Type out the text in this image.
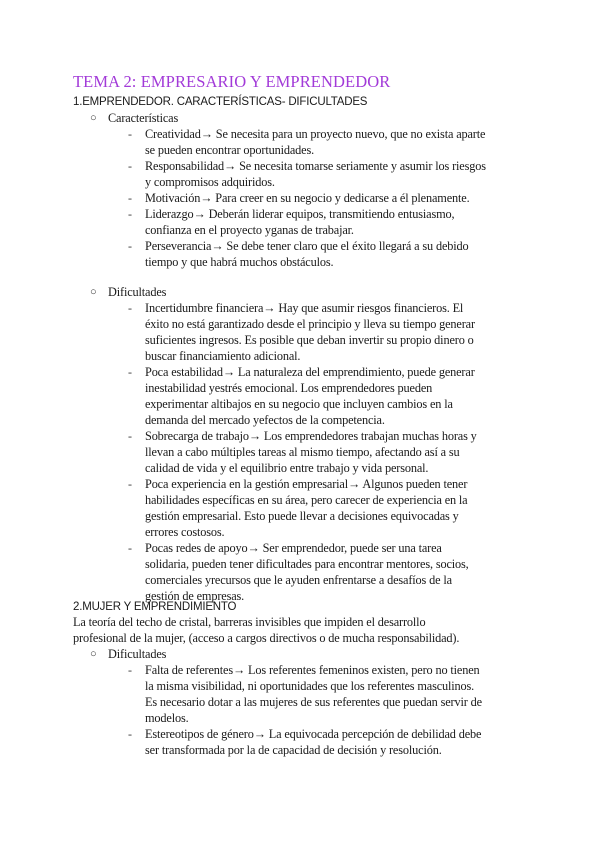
TEMA 2: EMPRESARIO Y EMPRENDEDOR
1.EMPRENDEDOR. CARACTERÍSTICAS- DIFICULTADES
○ Características
- Creatividad→ Se necesita para un proyecto nuevo, que no exista aparte
se pueden encontrar oportunidades.
- Responsabilidad→ Se necesita tomarse seriamente y asumir los riesgos
y compromisos adquiridos.
- Motivación→ Para creer en su negocio y dedicarse a él plenamente.
- Liderazgo→ Deberán liderar equipos, transmitiendo entusiasmo,
confianza en el proyecto yganas de trabajar.
- Perseverancia→ Se debe tener claro que el éxito llegará a su debido
tiempo y que habrá muchos obstáculos.
○ Dificultades
- Incertidumbre financiera→ Hay que asumir riesgos financieros. El
éxito no está garantizado desde el principio y lleva su tiempo generar
suficientes ingresos. Es posible que deban invertir su propio dinero o
buscar financiamiento adicional.
- Poca estabilidad→ La naturaleza del emprendimiento, puede generar
inestabilidad yestrés emocional. Los emprendedores pueden
experimentar altibajos en su negocio que incluyen cambios en la
demanda del mercado yefectos de la competencia.
- Sobrecarga de trabajo→ Los emprendedores trabajan muchas horas y
llevan a cabo múltiples tareas al mismo tiempo, afectando así a su
calidad de vida y el equilibrio entre trabajo y vida personal.
- Poca experiencia en la gestión empresarial→ Algunos pueden tener
habilidades específicas en su área, pero carecer de experiencia en la
gestión empresarial. Esto puede llevar a decisiones equivocadas y
errores costosos.
- Pocas redes de apoyo→ Ser emprendedor, puede ser una tarea
solidaria, pueden tener dificultades para encontrar mentores, socios,
comerciales yrecursos que le ayuden enfrentarse a desafíos de la
gestión de empresas.
2.MUJER Y EMPRENDIMIENTO
La teoría del techo de cristal, barreras invisibles que impiden el desarrollo
profesional de la mujer, (acceso a cargos directivos o de mucha responsabilidad).
○ Dificultades
- Falta de referentes→ Los referentes femeninos existen, pero no tienen
la misma visibilidad, ni oportunidades que los referentes masculinos.
Es necesario dotar a las mujeres de sus referentes que puedan servir de
modelos.
- Estereotipos de género→ La equivocada percepción de debilidad debe
ser transformada por la de capacidad de decisión y resolución.
